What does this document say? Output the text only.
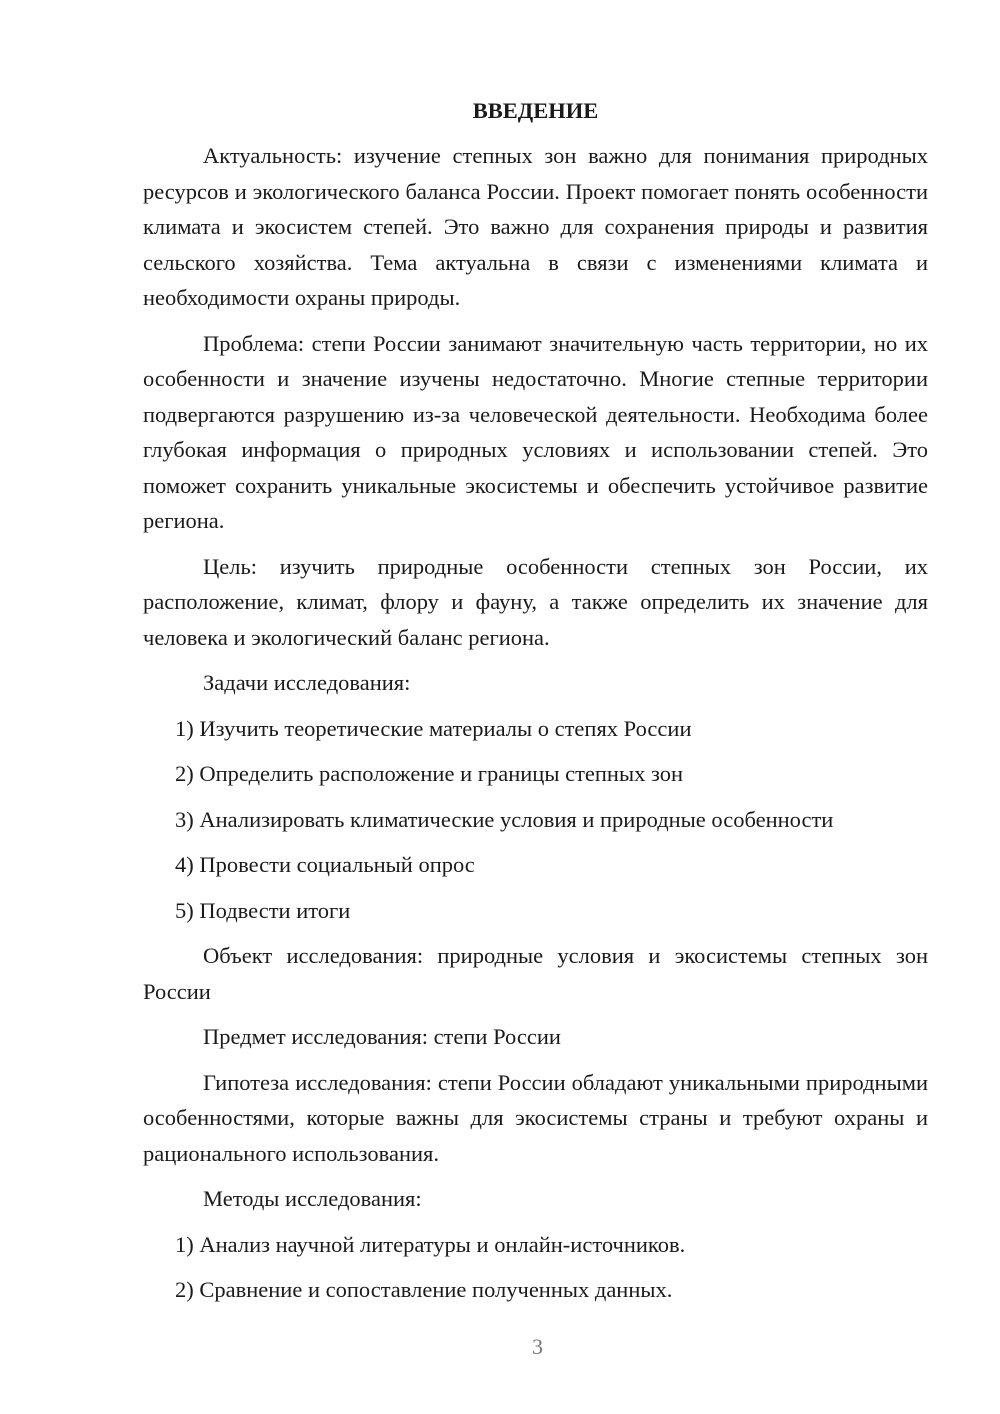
ВВЕДЕНИЕ

Актуальность: изучение степных зон важно для понимания природных ресурсов и экологического баланса России. Проект помогает понять особенности климата и экосистем степей. Это важно для сохранения природы и развития сельского хозяйства. Тема актуальна в связи с изменениями климата и необходимости охраны природы.

Проблема: степи России занимают значительную часть территории, но их особенности и значение изучены недостаточно. Многие степные территории подвергаются разрушению из-за человеческой деятельности. Необходима более глубокая информация о природных условиях и использовании степей. Это поможет сохранить уникальные экосистемы и обеспечить устойчивое развитие региона.

Цель: изучить природные особенности степных зон России, их расположение, климат, флору и фауну, а также определить их значение для человека и экологический баланс региона.

Задачи исследования:

1) Изучить теоретические материалы о степях России

2) Определить расположение и границы степных зон

3) Анализировать климатические условия и природные особенности

4) Провести социальный опрос

5) Подвести итоги

Объект исследования: природные условия и экосистемы степных зон России

Предмет исследования: степи России

Гипотеза исследования: степи России обладают уникальными природными особенностями, которые важны для экосистемы страны и требуют охраны и рационального использования.

Методы исследования:

1) Анализ научной литературы и онлайн-источников.

2) Сравнение и сопоставление полученных данных.

3
